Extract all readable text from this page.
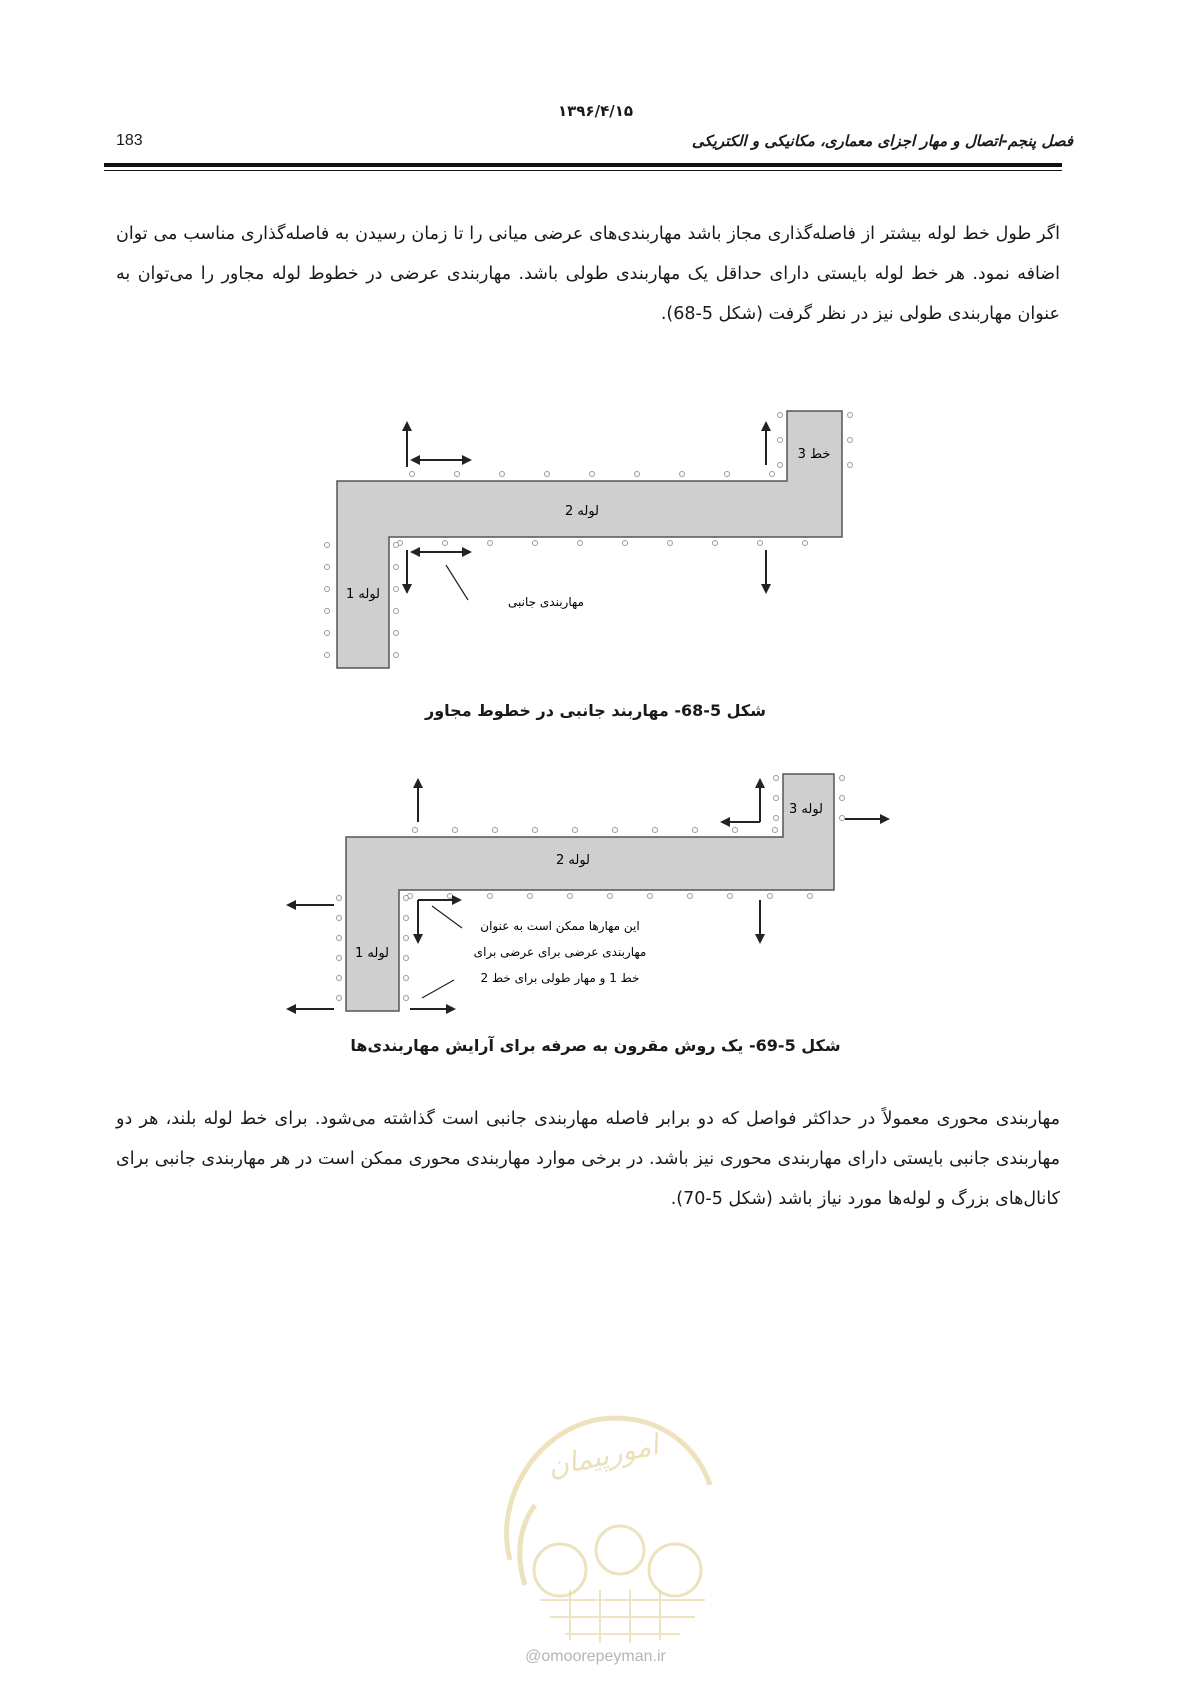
۱۳۹۶/۴/۱۵
183	فصل پنجم-اتصال و مهار اجزای معماری، مکانیکی و الکتریکی
اگر طول خط لوله بیشتر از فاصله‌گذاری مجاز باشد مهاربندی‌های عرضی میانی را تا زمان رسیدن به فاصله‌گذاری مناسب می توان اضافه نمود. هر خط لوله بایستی دارای حداقل یک مهاربندی طولی باشد. مهاربندی عرضی در خطوط لوله مجاور را می‌توان به عنوان مهاربندی طولی نیز در نظر گرفت (شکل 5-68).
لوله 2
لوله 1
خط 3
مهاربندی جانبی
شکل 5-68- مهاربند جانبی در خطوط مجاور
لوله 2
لوله 1
لوله 3
این مهارها ممکن است به عنوان
مهاربندی عرضی برای عرضی برای
خط 1 و مهار طولی برای خط 2
شکل 5-69- یک روش مقرون به صرفه برای آرایش مهاربندی‌ها
مهاربندی محوری معمولاً در حداکثر فواصل که دو برابر فاصله مهاربندی جانبی است گذاشته می‌شود. برای خط لوله بلند، هر دو مهاربندی جانبی بایستی دارای مهاربندی محوری نیز باشد. در برخی موارد مهاربندی محوری ممکن است در هر مهاربندی جانبی برای کانال‌های بزرگ و لوله‌ها مورد نیاز باشد (شکل 5-70).
امورپیمان
@omoorepeyman.ir
